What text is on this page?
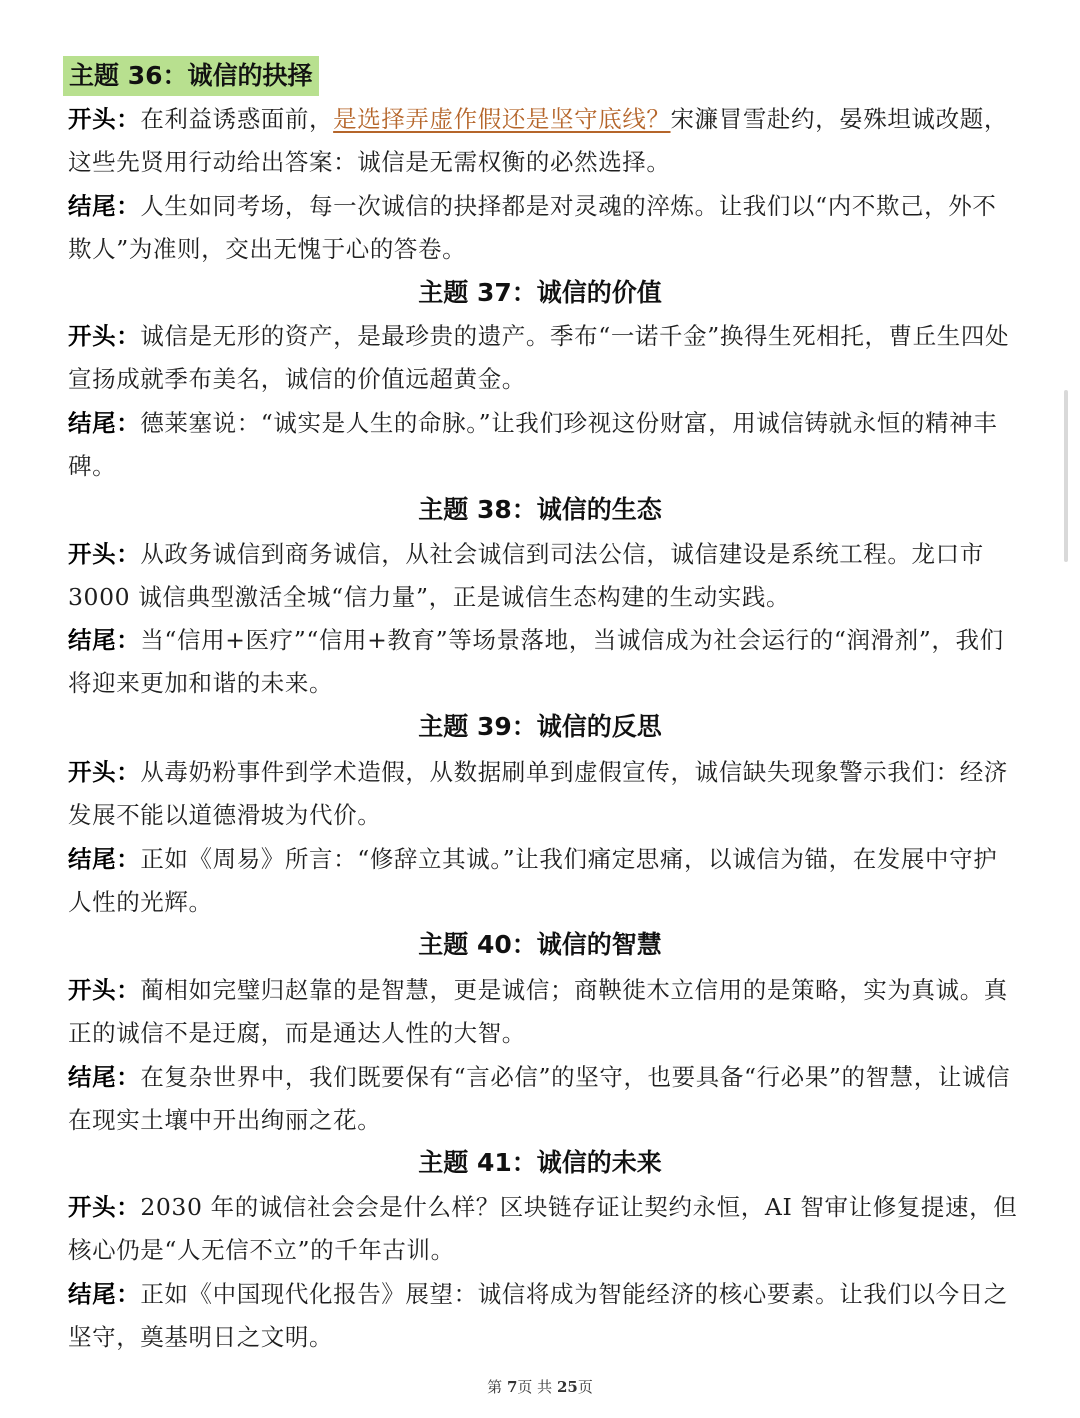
主题 36：诚信的抉择
开头：在利益诱惑面前，是选择弄虚作假还是坚守底线？宋濂冒雪赴约，晏殊坦诚改题，这些先贤用行动给出答案：诚信是无需权衡的必然选择。
结尾：人生如同考场，每一次诚信的抉择都是对灵魂的淬炼。让我们以“内不欺己，外不欺人”为准则，交出无愧于心的答卷。
主题 37：诚信的价值
开头：诚信是无形的资产，是最珍贵的遗产。季布“一诺千金”换得生死相托，曹丘生四处宣扬成就季布美名，诚信的价值远超黄金。
结尾：德莱塞说：“诚实是人生的命脉。”让我们珍视这份财富，用诚信铸就永恒的精神丰碑。
主题 38：诚信的生态
开头：从政务诚信到商务诚信，从社会诚信到司法公信，诚信建设是系统工程。龙口市 3000 诚信典型激活全城“信力量”，正是诚信生态构建的生动实践。
结尾：当“信用+医疗”“信用+教育”等场景落地，当诚信成为社会运行的“润滑剂”，我们将迎来更加和谐的未来。
主题 39：诚信的反思
开头：从毒奶粉事件到学术造假，从数据刷单到虚假宣传，诚信缺失现象警示我们：经济发展不能以道德滑坡为代价。
结尾：正如《周易》所言：“修辞立其诚。”让我们痛定思痛，以诚信为锚，在发展中守护人性的光辉。
主题 40：诚信的智慧
开头：蔺相如完璧归赵靠的是智慧，更是诚信；商鞅徙木立信用的是策略，实为真诚。真正的诚信不是迂腐，而是通达人性的大智。
结尾：在复杂世界中，我们既要保有“言必信”的坚守，也要具备“行必果”的智慧，让诚信在现实土壤中开出绚丽之花。
主题 41：诚信的未来
开头：2030 年的诚信社会会是什么样？区块链存证让契约永恒，AI 智审让修复提速，但核心仍是“人无信不立”的千年古训。
结尾：正如《中国现代化报告》展望：诚信将成为智能经济的核心要素。让我们以今日之坚守，奠基明日之文明。
第 7页 共 25页
